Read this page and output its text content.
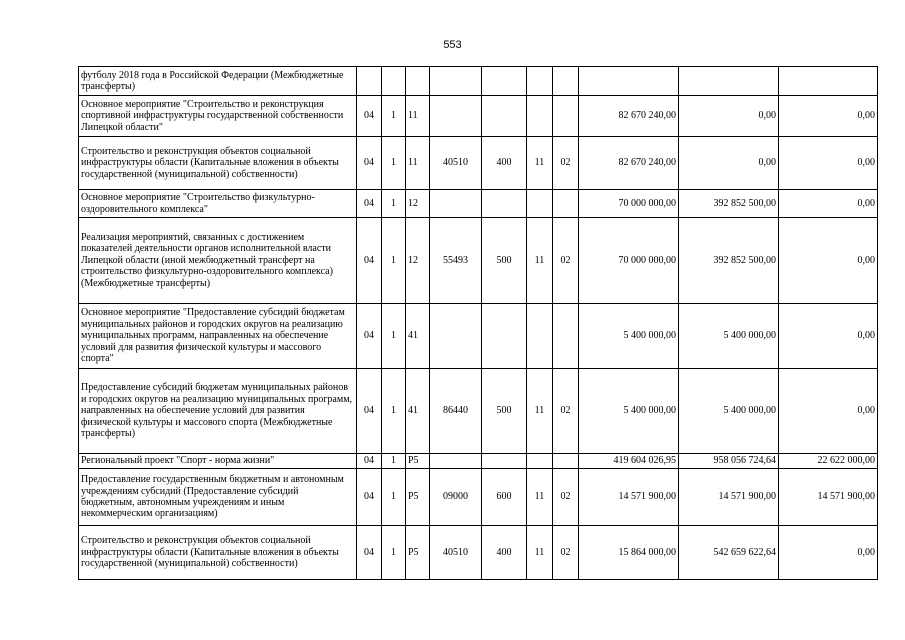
553
футболу 2018 года в Российской Федерации (Межбюджетные трансферты)										
Основное мероприятие "Строительство и реконструкция спортивной инфраструктуры государственной собственности Липецкой области"	04	1	11					82 670 240,00	0,00	0,00
Строительство и реконструкция объектов социальной инфраструктуры области (Капитальные вложения в объекты государственной (муниципальной) собственности)	04	1	11	40510	400	11	02	82 670 240,00	0,00	0,00
Основное мероприятие "Строительство физкультурно-оздоровительного комплекса"	04	1	12					70 000 000,00	392 852 500,00	0,00
Реализация мероприятий, связанных с достижением показателей деятельности органов исполнительной власти Липецкой области (иной межбюджетный трансферт на строительство физкультурно-оздоровительного комплекса) (Межбюджетные трансферты)	04	1	12	55493	500	11	02	70 000 000,00	392 852 500,00	0,00
Основное мероприятие "Предоставление субсидий бюджетам муниципальных районов и городских округов на реализацию муниципальных программ, направленных на обеспечение условий для развития физической культуры и массового спорта"	04	1	41					5 400 000,00	5 400 000,00	0,00
Предоставление субсидий бюджетам муниципальных районов и городских округов на реализацию муниципальных программ, направленных на обеспечение условий для развития физической культуры и массового спорта (Межбюджетные трансферты)	04	1	41	86440	500	11	02	5 400 000,00	5 400 000,00	0,00
Региональный проект "Спорт - норма жизни"	04	1	P5					419 604 026,95	958 056 724,64	22 622 000,00
Предоставление государственным бюджетным и автономным учреждениям субсидий (Предоставление субсидий бюджетным, автономным учреждениям и иным некоммерческим организациям)	04	1	P5	09000	600	11	02	14 571 900,00	14 571 900,00	14 571 900,00
Строительство и реконструкция объектов социальной инфраструктуры области (Капитальные вложения в объекты государственной (муниципальной) собственности)	04	1	P5	40510	400	11	02	15 864 000,00	542 659 622,64	0,00
